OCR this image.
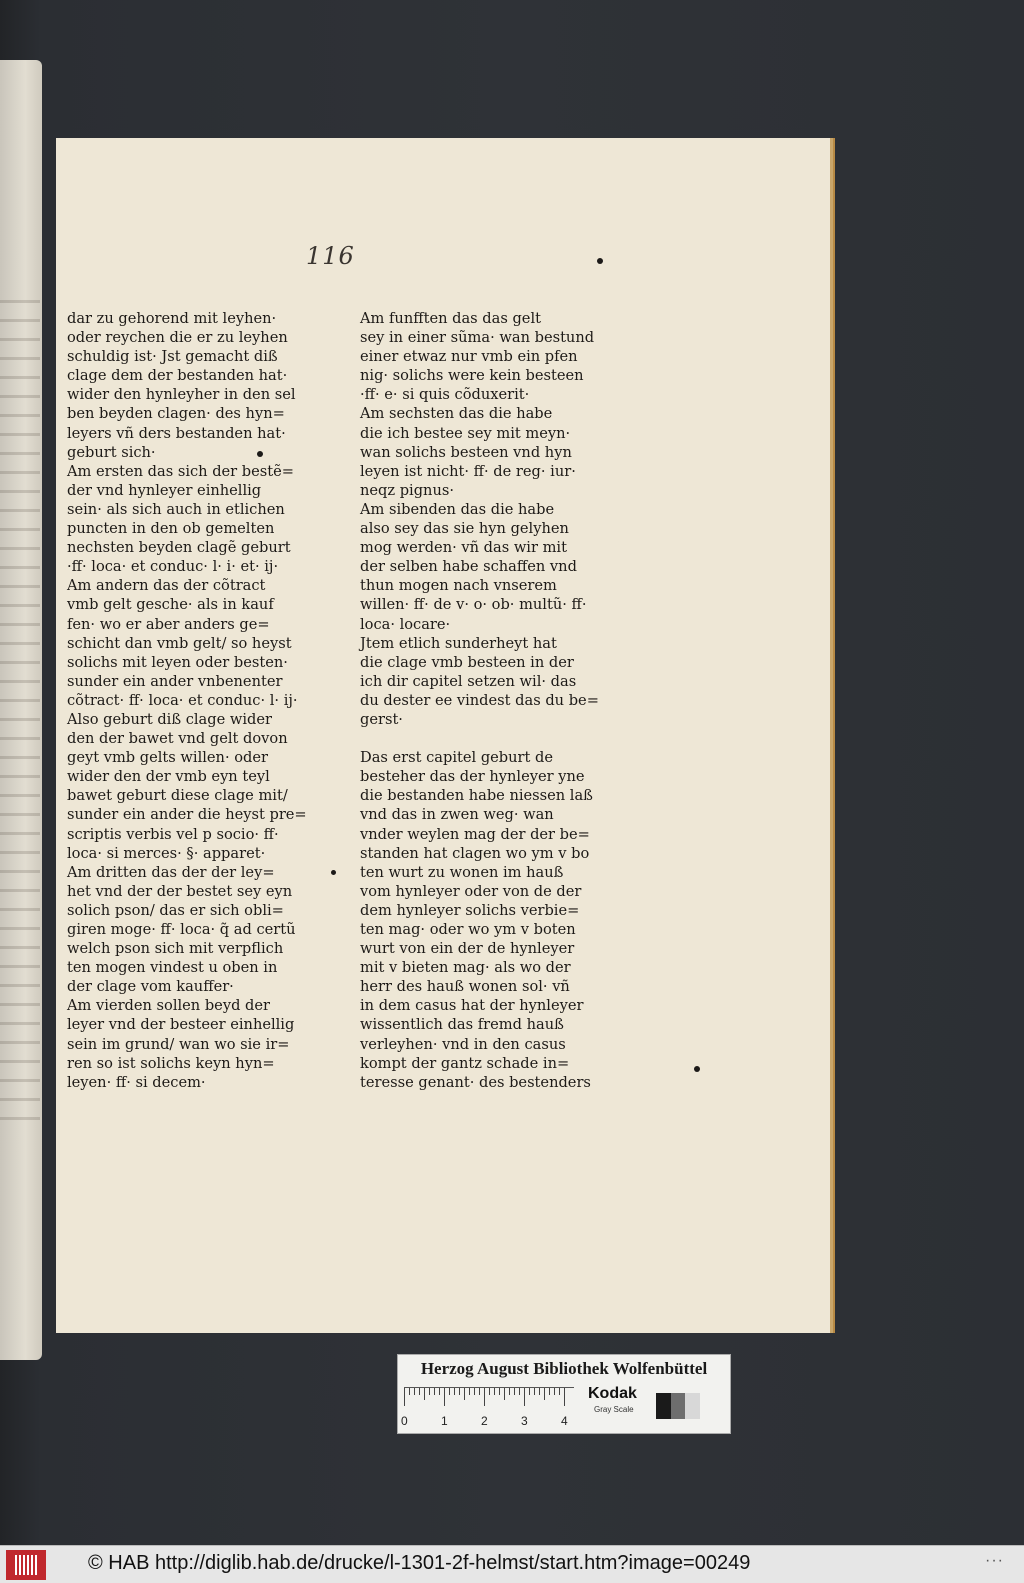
116
dar zu gehorend mit leyhen·
oder reychen die er zu leyhen
schuldig ist· Jst gemacht diß
clage dem der bestanden hat·
wider den hynleyher in den sel
ben beyden clagen· des hyn=
leyers vñ ders bestanden hat·
geburt sich·
Am ersten das sich der bestẽ=
der vnd hynleyer einhellig
sein· als sich auch in etlichen
puncten in den ob gemelten
nechsten beyden clagẽ geburt
·ff· loca· et conduc· l· i· et· ij·
Am andern das der cõtract
vmb gelt gesche· als in kauf
fen· wo er aber anders ge=
schicht dan vmb gelt/ so heyst
solichs mit leyen oder besten·
sunder ein ander vnbenenter
cõtract· ff· loca· et conduc· l· ij·
Also geburt diß clage wider
den der bawet vnd gelt dovon
geyt vmb gelts willen· oder
wider den der vmb eyn teyl
bawet geburt diese clage mit/
sunder ein ander die heyst pre=
scriptis verbis vel p socio· ff·
loca· si merces· §· apparet·
Am dritten das der der ley=
het vnd der der bestet sey eyn
solich pson/ das er sich obli=
giren moge· ff· loca· q̃ ad certũ
welch pson sich mit verpflich
ten mogen vindest u oben in
der clage vom kauffer·
Am vierden sollen beyd der
leyer vnd der besteer einhellig
sein im grund/ wan wo sie ir=
ren so ist solichs keyn hyn=
leyen· ff· si decem·
Am funfften das das gelt
sey in einer sũma· wan bestund
einer etwaz nur vmb ein pfen
nig· solichs were kein besteen
·ff· e· si quis cõduxerit·
Am sechsten das die habe
die ich bestee sey mit meyn·
wan solichs besteen vnd hyn
leyen ist nicht· ff· de reg· iur·
neqz pignus·
Am sibenden das die habe
also sey das sie hyn gelyhen
mog werden· vñ das wir mit
der selben habe schaffen vnd
thun mogen nach vnserem
willen· ff· de v· o· ob· multũ· ff·
loca· locare·
Jtem etlich sunderheyt hat
die clage vmb besteen in der
ich dir capitel setzen wil· das
du dester ee vindest das du be=
gerst·
Das erst capitel geburt de
besteher das der hynleyer yne
die bestanden habe niessen laß
vnd das in zwen weg· wan
vnder weylen mag der der be=
standen hat clagen wo ym v bo
ten wurt zu wonen im hauß
vom hynleyer oder von de der
dem hynleyer solichs verbie=
ten mag· oder wo ym v boten
wurt von ein der de hynleyer
mit v bieten mag· als wo der
herr des hauß wonen sol· vñ
in dem casus hat der hynleyer
wissentlich das fremd hauß
verleyhen· vnd in den casus
kompt der gantz schade in=
teresse genant· des bestenders
Herzog August Bibliothek Wolfenbüttel
0	1	2	3	4
Kodak
Gray Scale
© HAB http://diglib.hab.de/drucke/l-1301-2f-helmst/start.htm?image=00249	···
